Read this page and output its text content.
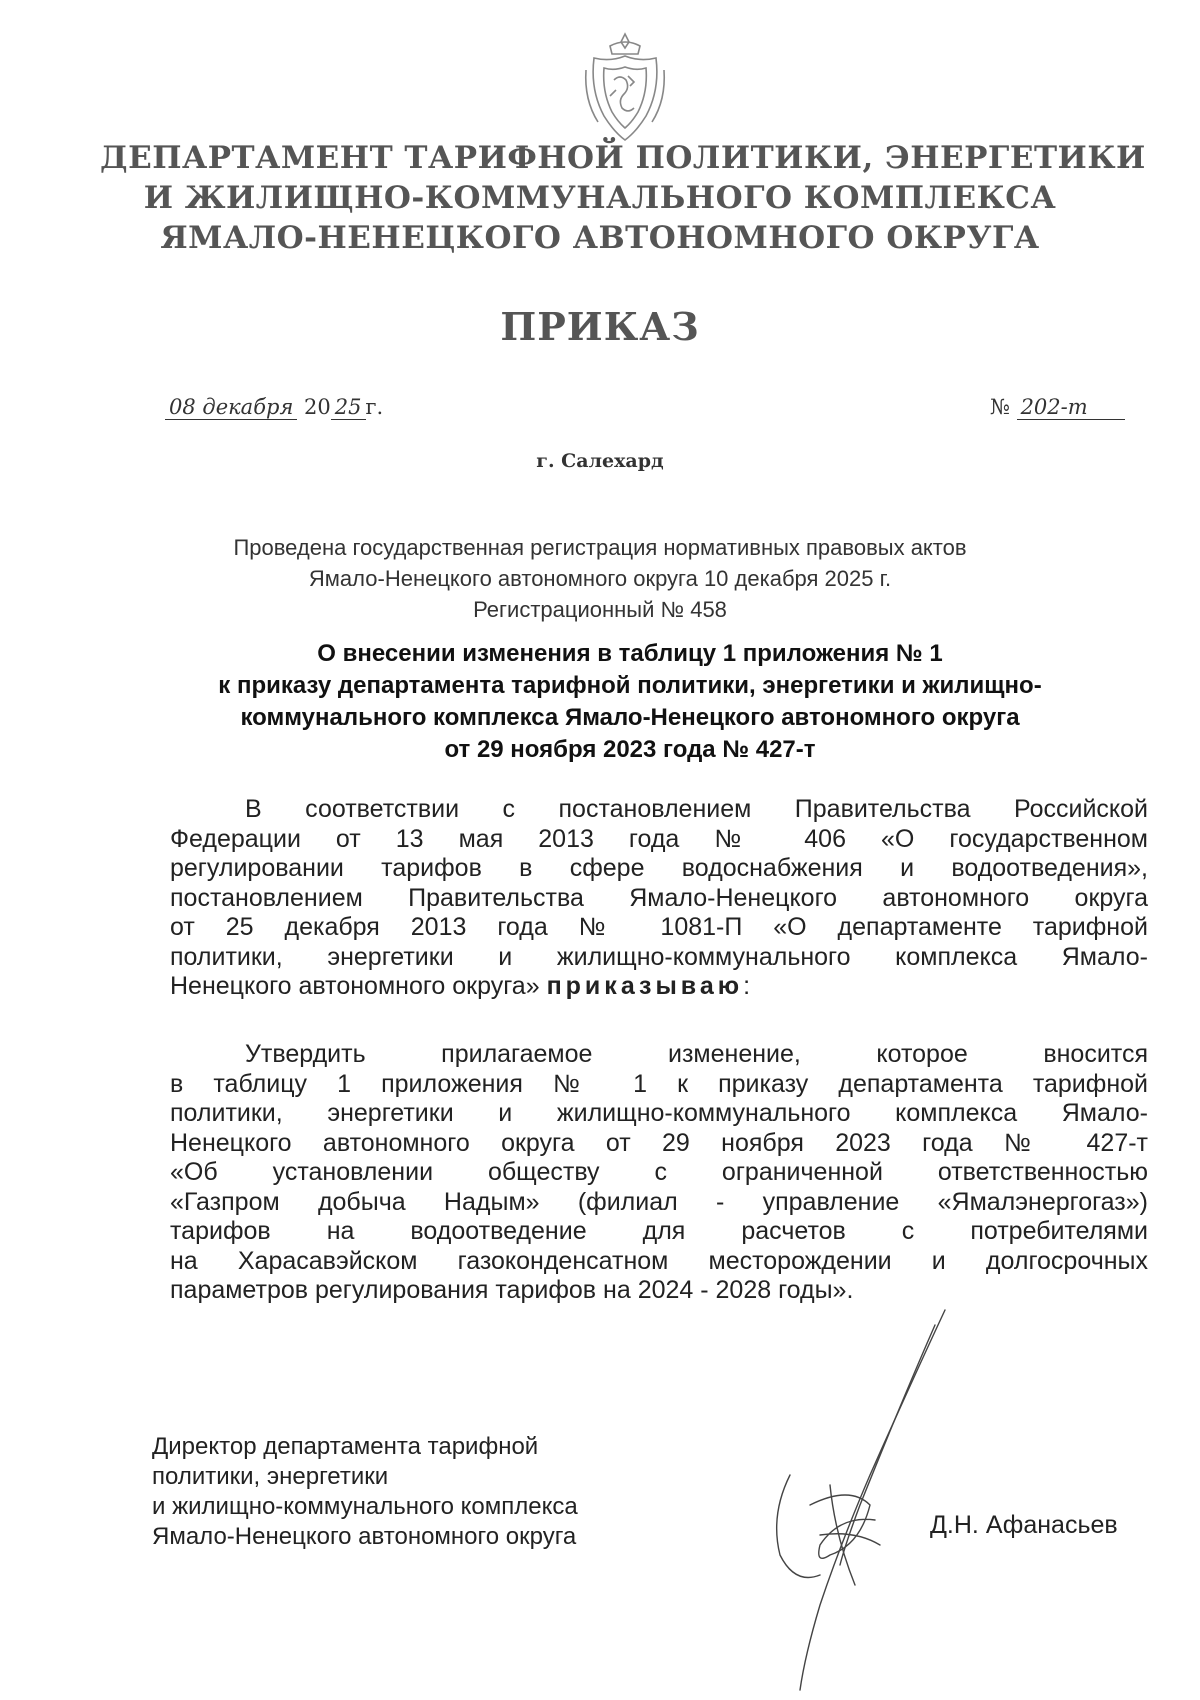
ДЕПАРТАМЕНТ ТАРИФНОЙ ПОЛИТИКИ, ЭНЕРГЕТИКИ
И ЖИЛИЩНО-КОММУНАЛЬНОГО КОМПЛЕКСА
ЯМАЛО-НЕНЕЦКОГО АВТОНОМНОГО ОКРУГА
ПРИКАЗ
08 декабря 20 25 г.	№ 202-т
г. Салехард
Проведена государственная регистрация нормативных правовых актов
Ямало-Ненецкого автономного округа 10 декабря 2025 г.
Регистрационный № 458
О внесении изменения в таблицу 1 приложения № 1
к приказу департамента тарифной политики, энергетики и жилищно-
коммунального комплекса Ямало-Ненецкого автономного округа
от 29 ноября 2023 года № 427-т
В соответствии с постановлением Правительства Российской
Федерации от 13 мая 2013 года № 406 «О государственном
регулировании тарифов в сфере водоснабжения и водоотведения»,
постановлением Правительства Ямало-Ненецкого автономного округа
от 25 декабря 2013 года № 1081-П «О департаменте тарифной
политики, энергетики и жилищно-коммунального комплекса Ямало-
Ненецкого автономного округа» приказываю:
Утвердить прилагаемое изменение, которое вносится
в таблицу 1 приложения № 1 к приказу департамента тарифной
политики, энергетики и жилищно-коммунального комплекса Ямало-
Ненецкого автономного округа от 29 ноября 2023 года № 427-т
«Об установлении обществу с ограниченной ответственностью
«Газпром добыча Надым» (филиал - управление «Ямалэнергогаз»)
тарифов на водоотведение для расчетов с потребителями
на Харасавэйском газоконденсатном месторождении и долгосрочных
параметров регулирования тарифов на 2024 - 2028 годы».
Директор департамента тарифной
политики, энергетики
и жилищно-коммунального комплекса
Ямало-Ненецкого автономного округа	Д.Н. Афанасьев
